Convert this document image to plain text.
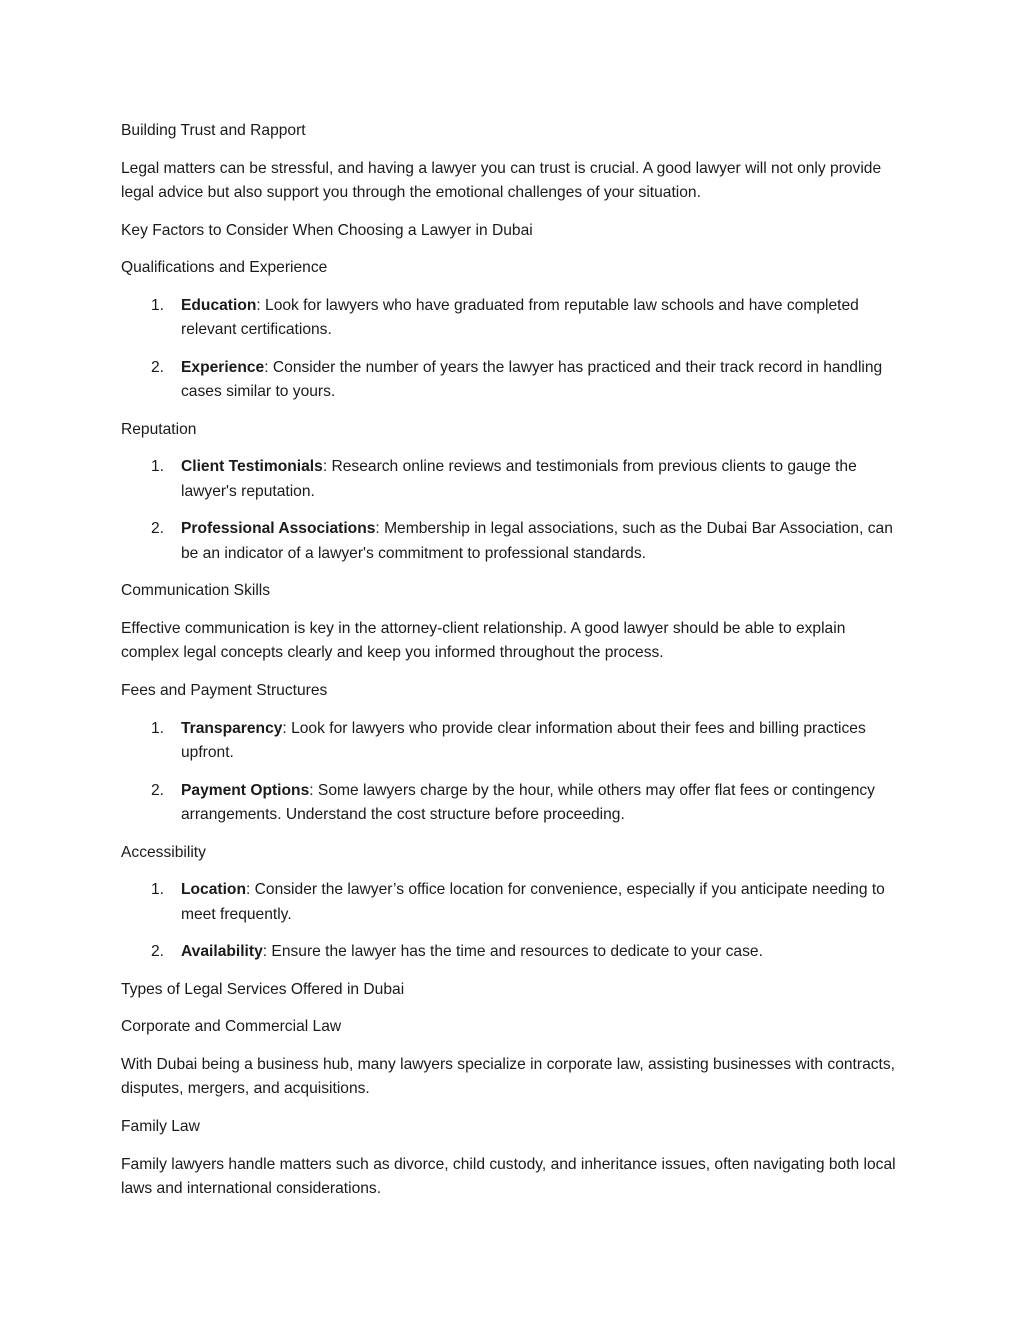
Building Trust and Rapport

Legal matters can be stressful, and having a lawyer you can trust is crucial. A good lawyer will not only provide legal advice but also support you through the emotional challenges of your situation.

Key Factors to Consider When Choosing a Lawyer in Dubai

Qualifications and Experience

1. Education: Look for lawyers who have graduated from reputable law schools and have completed relevant certifications.
2. Experience: Consider the number of years the lawyer has practiced and their track record in handling cases similar to yours.

Reputation

1. Client Testimonials: Research online reviews and testimonials from previous clients to gauge the lawyer's reputation.
2. Professional Associations: Membership in legal associations, such as the Dubai Bar Association, can be an indicator of a lawyer's commitment to professional standards.

Communication Skills

Effective communication is key in the attorney-client relationship. A good lawyer should be able to explain complex legal concepts clearly and keep you informed throughout the process.

Fees and Payment Structures

1. Transparency: Look for lawyers who provide clear information about their fees and billing practices upfront.
2. Payment Options: Some lawyers charge by the hour, while others may offer flat fees or contingency arrangements. Understand the cost structure before proceeding.

Accessibility

1. Location: Consider the lawyer’s office location for convenience, especially if you anticipate needing to meet frequently.
2. Availability: Ensure the lawyer has the time and resources to dedicate to your case.

Types of Legal Services Offered in Dubai

Corporate and Commercial Law

With Dubai being a business hub, many lawyers specialize in corporate law, assisting businesses with contracts, disputes, mergers, and acquisitions.

Family Law

Family lawyers handle matters such as divorce, child custody, and inheritance issues, often navigating both local laws and international considerations.
